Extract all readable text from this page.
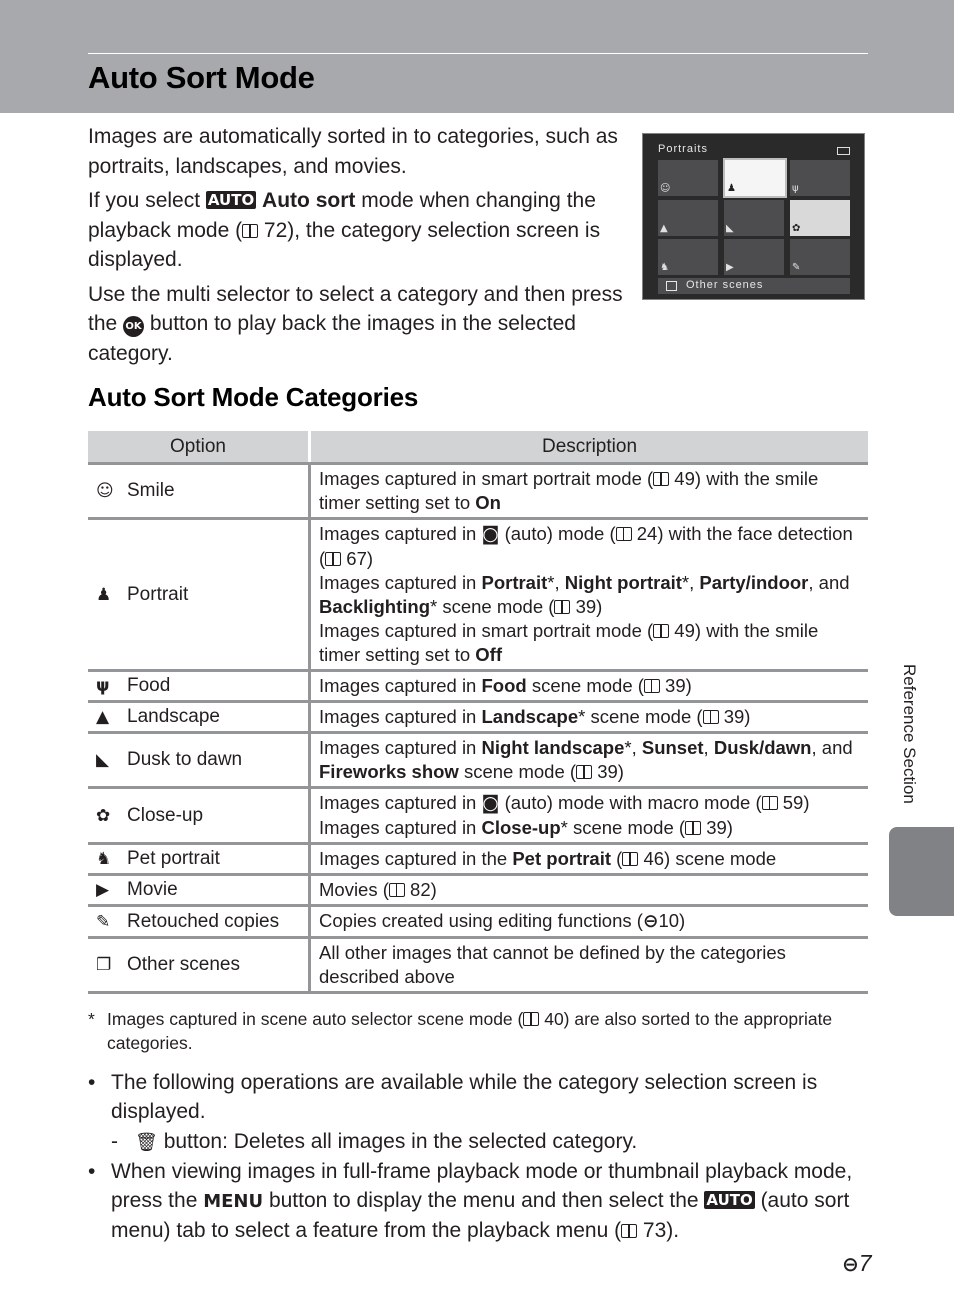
Auto Sort Mode

Images are automatically sorted in to categories, such as portraits, landscapes, and movies.

If you select AUTO Auto sort mode when changing the playback mode ( 72), the category selection screen is displayed.

Use the multi selector to select a category and then press the OK button to play back the images in the selected category.

Portraits
☺	♟	ψ
▲	◣	✿
♞	▶	✎
Other scenes
Auto Sort Mode Categories
Option	Description
☺ Smile	Images captured in smart portrait mode ( 49) with the smile timer setting set to On
♟ Portrait	Images captured in ◙ (auto) mode ( 24) with the face detection ( 67)
Images captured in Portrait*, Night portrait*, Party/indoor, and Backlighting* scene mode ( 39)
Images captured in smart portrait mode ( 49) with the smile timer setting set to Off
ψ Food	Images captured in Food scene mode ( 39)
▲ Landscape	Images captured in Landscape* scene mode ( 39)
◣ Dusk to dawn	Images captured in Night landscape*, Sunset, Dusk/dawn, and Fireworks show scene mode ( 39)
✿ Close-up	Images captured in ◙ (auto) mode with macro mode ( 59)
Images captured in Close-up* scene mode ( 39)
♞ Pet portrait	Images captured in the Pet portrait ( 46) scene mode
▶ Movie	Movies ( 82)
✎ Retouched copies	Copies created using editing functions (⊖10)
❐ Other scenes	All other images that cannot be defined by the categories described above
* Images captured in scene auto selector scene mode ( 40) are also sorted to the appropriate categories.
• The following operations are available while the category selection screen is displayed.
- 🗑 button: Deletes all images in the selected category.
• When viewing images in full-frame playback mode or thumbnail playback mode, press the MENU button to display the menu and then select the AUTO (auto sort menu) tab to select a feature from the playback menu ( 73).
Reference Section
⊖7
